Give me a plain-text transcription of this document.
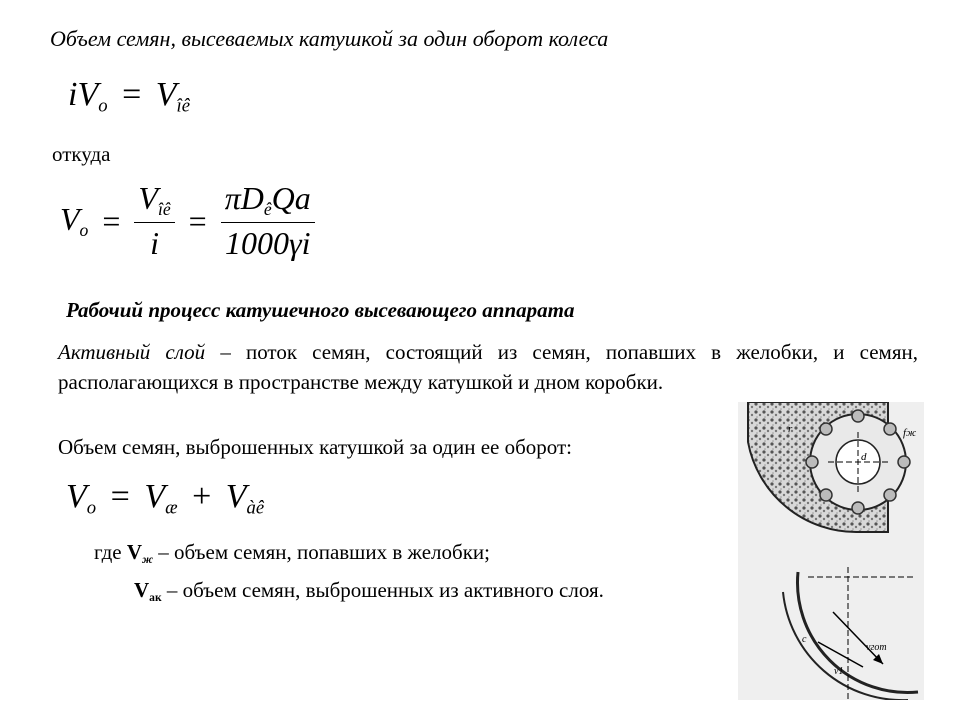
Объем семян, высеваемых катушкой за один оборот колеса
$iV_o = V_{îê}$
откуда
$V_o = \frac{V_{îê}}{i} = \frac{\pi D_êQa}{1000\gamma i}$
Рабочий процесс катушечного высевающего аппарата
Активный слой – поток семян, состоящий из семян, попавших в желобки, и семян, располагающихся в пространстве между катушкой и дном коробки.
Объем семян, выброшенных катушкой за один ее оборот:
$V_o = V_æ + V_{àê}$
где $V_ж$ – объем семян, попавших в желобки;
$V_{ак}$ – объем семян, выброшенных из активного слоя.
d
fж
r
c
vгот
v1
